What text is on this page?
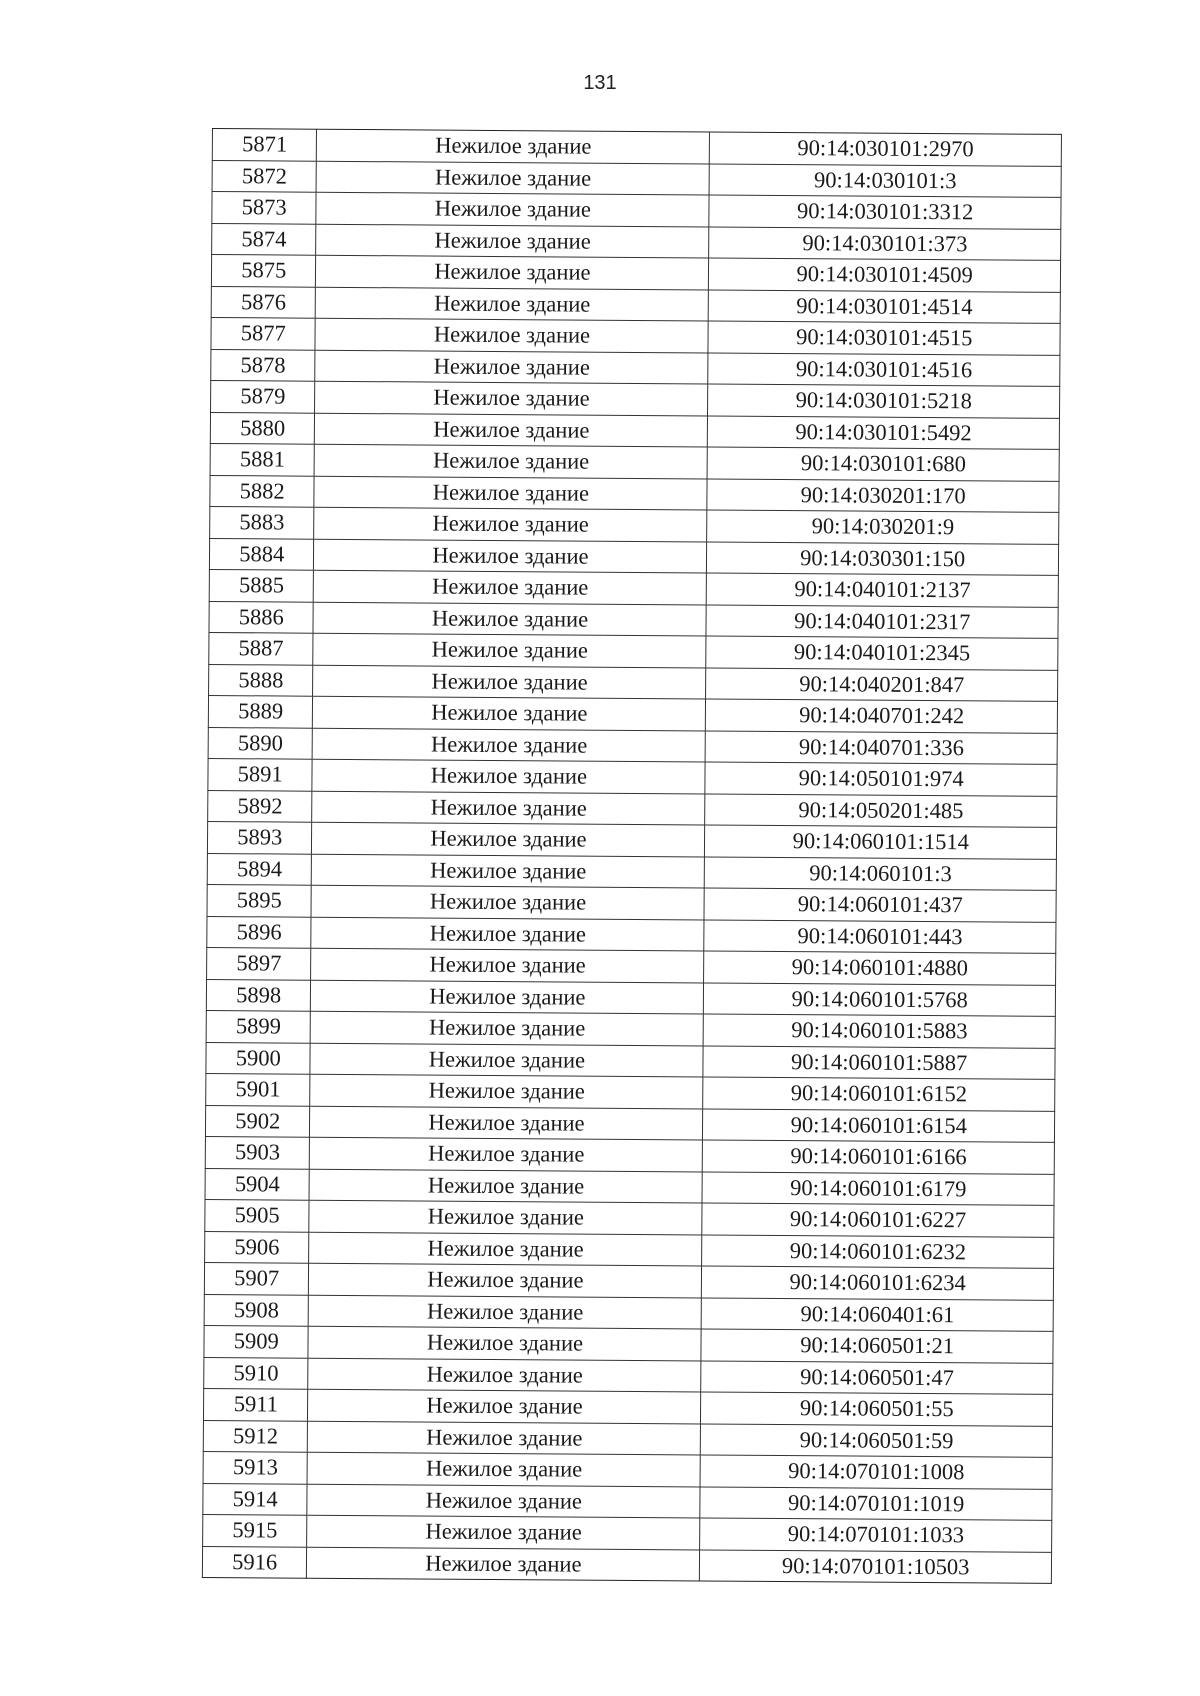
131
5871	Нежилое здание	90:14:030101:2970
5872	Нежилое здание	90:14:030101:3
5873	Нежилое здание	90:14:030101:3312
5874	Нежилое здание	90:14:030101:373
5875	Нежилое здание	90:14:030101:4509
5876	Нежилое здание	90:14:030101:4514
5877	Нежилое здание	90:14:030101:4515
5878	Нежилое здание	90:14:030101:4516
5879	Нежилое здание	90:14:030101:5218
5880	Нежилое здание	90:14:030101:5492
5881	Нежилое здание	90:14:030101:680
5882	Нежилое здание	90:14:030201:170
5883	Нежилое здание	90:14:030201:9
5884	Нежилое здание	90:14:030301:150
5885	Нежилое здание	90:14:040101:2137
5886	Нежилое здание	90:14:040101:2317
5887	Нежилое здание	90:14:040101:2345
5888	Нежилое здание	90:14:040201:847
5889	Нежилое здание	90:14:040701:242
5890	Нежилое здание	90:14:040701:336
5891	Нежилое здание	90:14:050101:974
5892	Нежилое здание	90:14:050201:485
5893	Нежилое здание	90:14:060101:1514
5894	Нежилое здание	90:14:060101:3
5895	Нежилое здание	90:14:060101:437
5896	Нежилое здание	90:14:060101:443
5897	Нежилое здание	90:14:060101:4880
5898	Нежилое здание	90:14:060101:5768
5899	Нежилое здание	90:14:060101:5883
5900	Нежилое здание	90:14:060101:5887
5901	Нежилое здание	90:14:060101:6152
5902	Нежилое здание	90:14:060101:6154
5903	Нежилое здание	90:14:060101:6166
5904	Нежилое здание	90:14:060101:6179
5905	Нежилое здание	90:14:060101:6227
5906	Нежилое здание	90:14:060101:6232
5907	Нежилое здание	90:14:060101:6234
5908	Нежилое здание	90:14:060401:61
5909	Нежилое здание	90:14:060501:21
5910	Нежилое здание	90:14:060501:47
5911	Нежилое здание	90:14:060501:55
5912	Нежилое здание	90:14:060501:59
5913	Нежилое здание	90:14:070101:1008
5914	Нежилое здание	90:14:070101:1019
5915	Нежилое здание	90:14:070101:1033
5916	Нежилое здание	90:14:070101:10503
